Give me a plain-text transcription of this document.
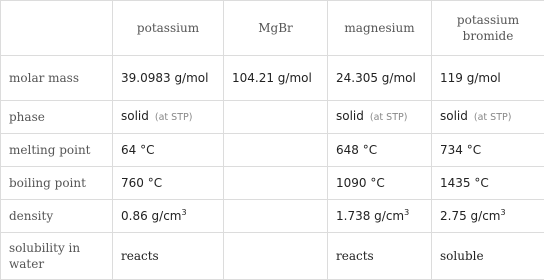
	potassium	MgBr	magnesium	potassium bromide
molar mass	39.0983 g/mol	104.21 g/mol	24.305 g/mol	119 g/mol
phase	solid (at STP)		solid (at STP)	solid (at STP)
melting point	64 °C		648 °C	734 °C
boiling point	760 °C		1090 °C	1435 °C
density	0.86 $g/cm^3$		1.738 $g/cm^3$	2.75 $g/cm^3$
solubility in water	reacts		reacts	soluble
